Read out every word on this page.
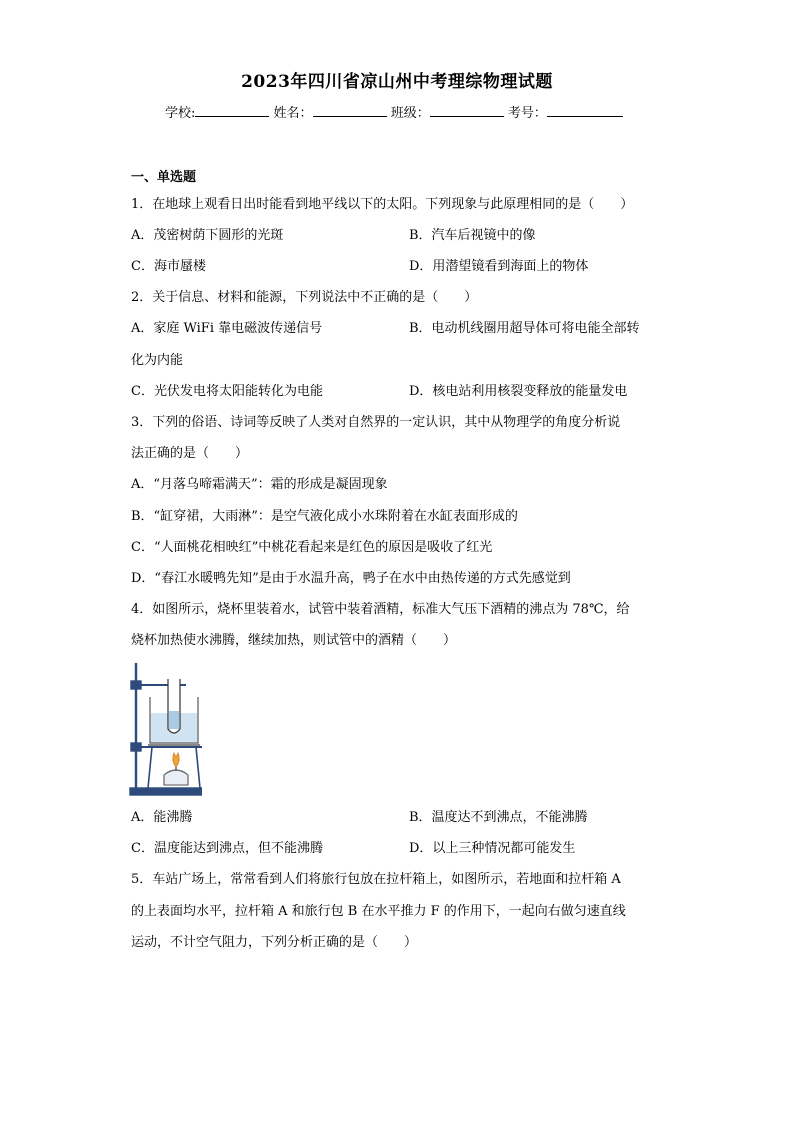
2023年四川省凉山州中考理综物理试题
学校:	姓名：	班级：	考号：
一、单选题
1．在地球上观看日出时能看到地平线以下的太阳。下列现象与此原理相同的是（　　）
A．茂密树荫下圆形的光斑	B．汽车后视镜中的像
C．海市蜃楼	D．用潜望镜看到海面上的物体
2．关于信息、材料和能源，下列说法中不正确的是（　　）
A．家庭 WiFi 靠电磁波传递信号	B．电动机线圈用超导体可将电能全部转
化为内能
C．光伏发电将太阳能转化为电能	D．核电站利用核裂变释放的能量发电
3．下列的俗语、诗词等反映了人类对自然界的一定认识，其中从物理学的角度分析说
法正确的是（　　）
A．“月落乌啼霜满天”：霜的形成是凝固现象
B．“缸穿裙，大雨淋”：是空气液化成小水珠附着在水缸表面形成的
C．“人面桃花相映红”中桃花看起来是红色的原因是吸收了红光
D．“春江水暖鸭先知”是由于水温升高，鸭子在水中由热传递的方式先感觉到
4．如图所示，烧杯里装着水，试管中装着酒精，标准大气压下酒精的沸点为 78℃，给
烧杯加热使水沸腾，继续加热，则试管中的酒精（　　）
A．能沸腾	B．温度达不到沸点，不能沸腾
C．温度能达到沸点，但不能沸腾	D．以上三种情况都可能发生
5．车站广场上，常常看到人们将旅行包放在拉杆箱上，如图所示，若地面和拉杆箱 A
的上表面均水平，拉杆箱 A 和旅行包 B 在水平推力 F 的作用下，一起向右做匀速直线
运动，不计空气阻力，下列分析正确的是（　　）
